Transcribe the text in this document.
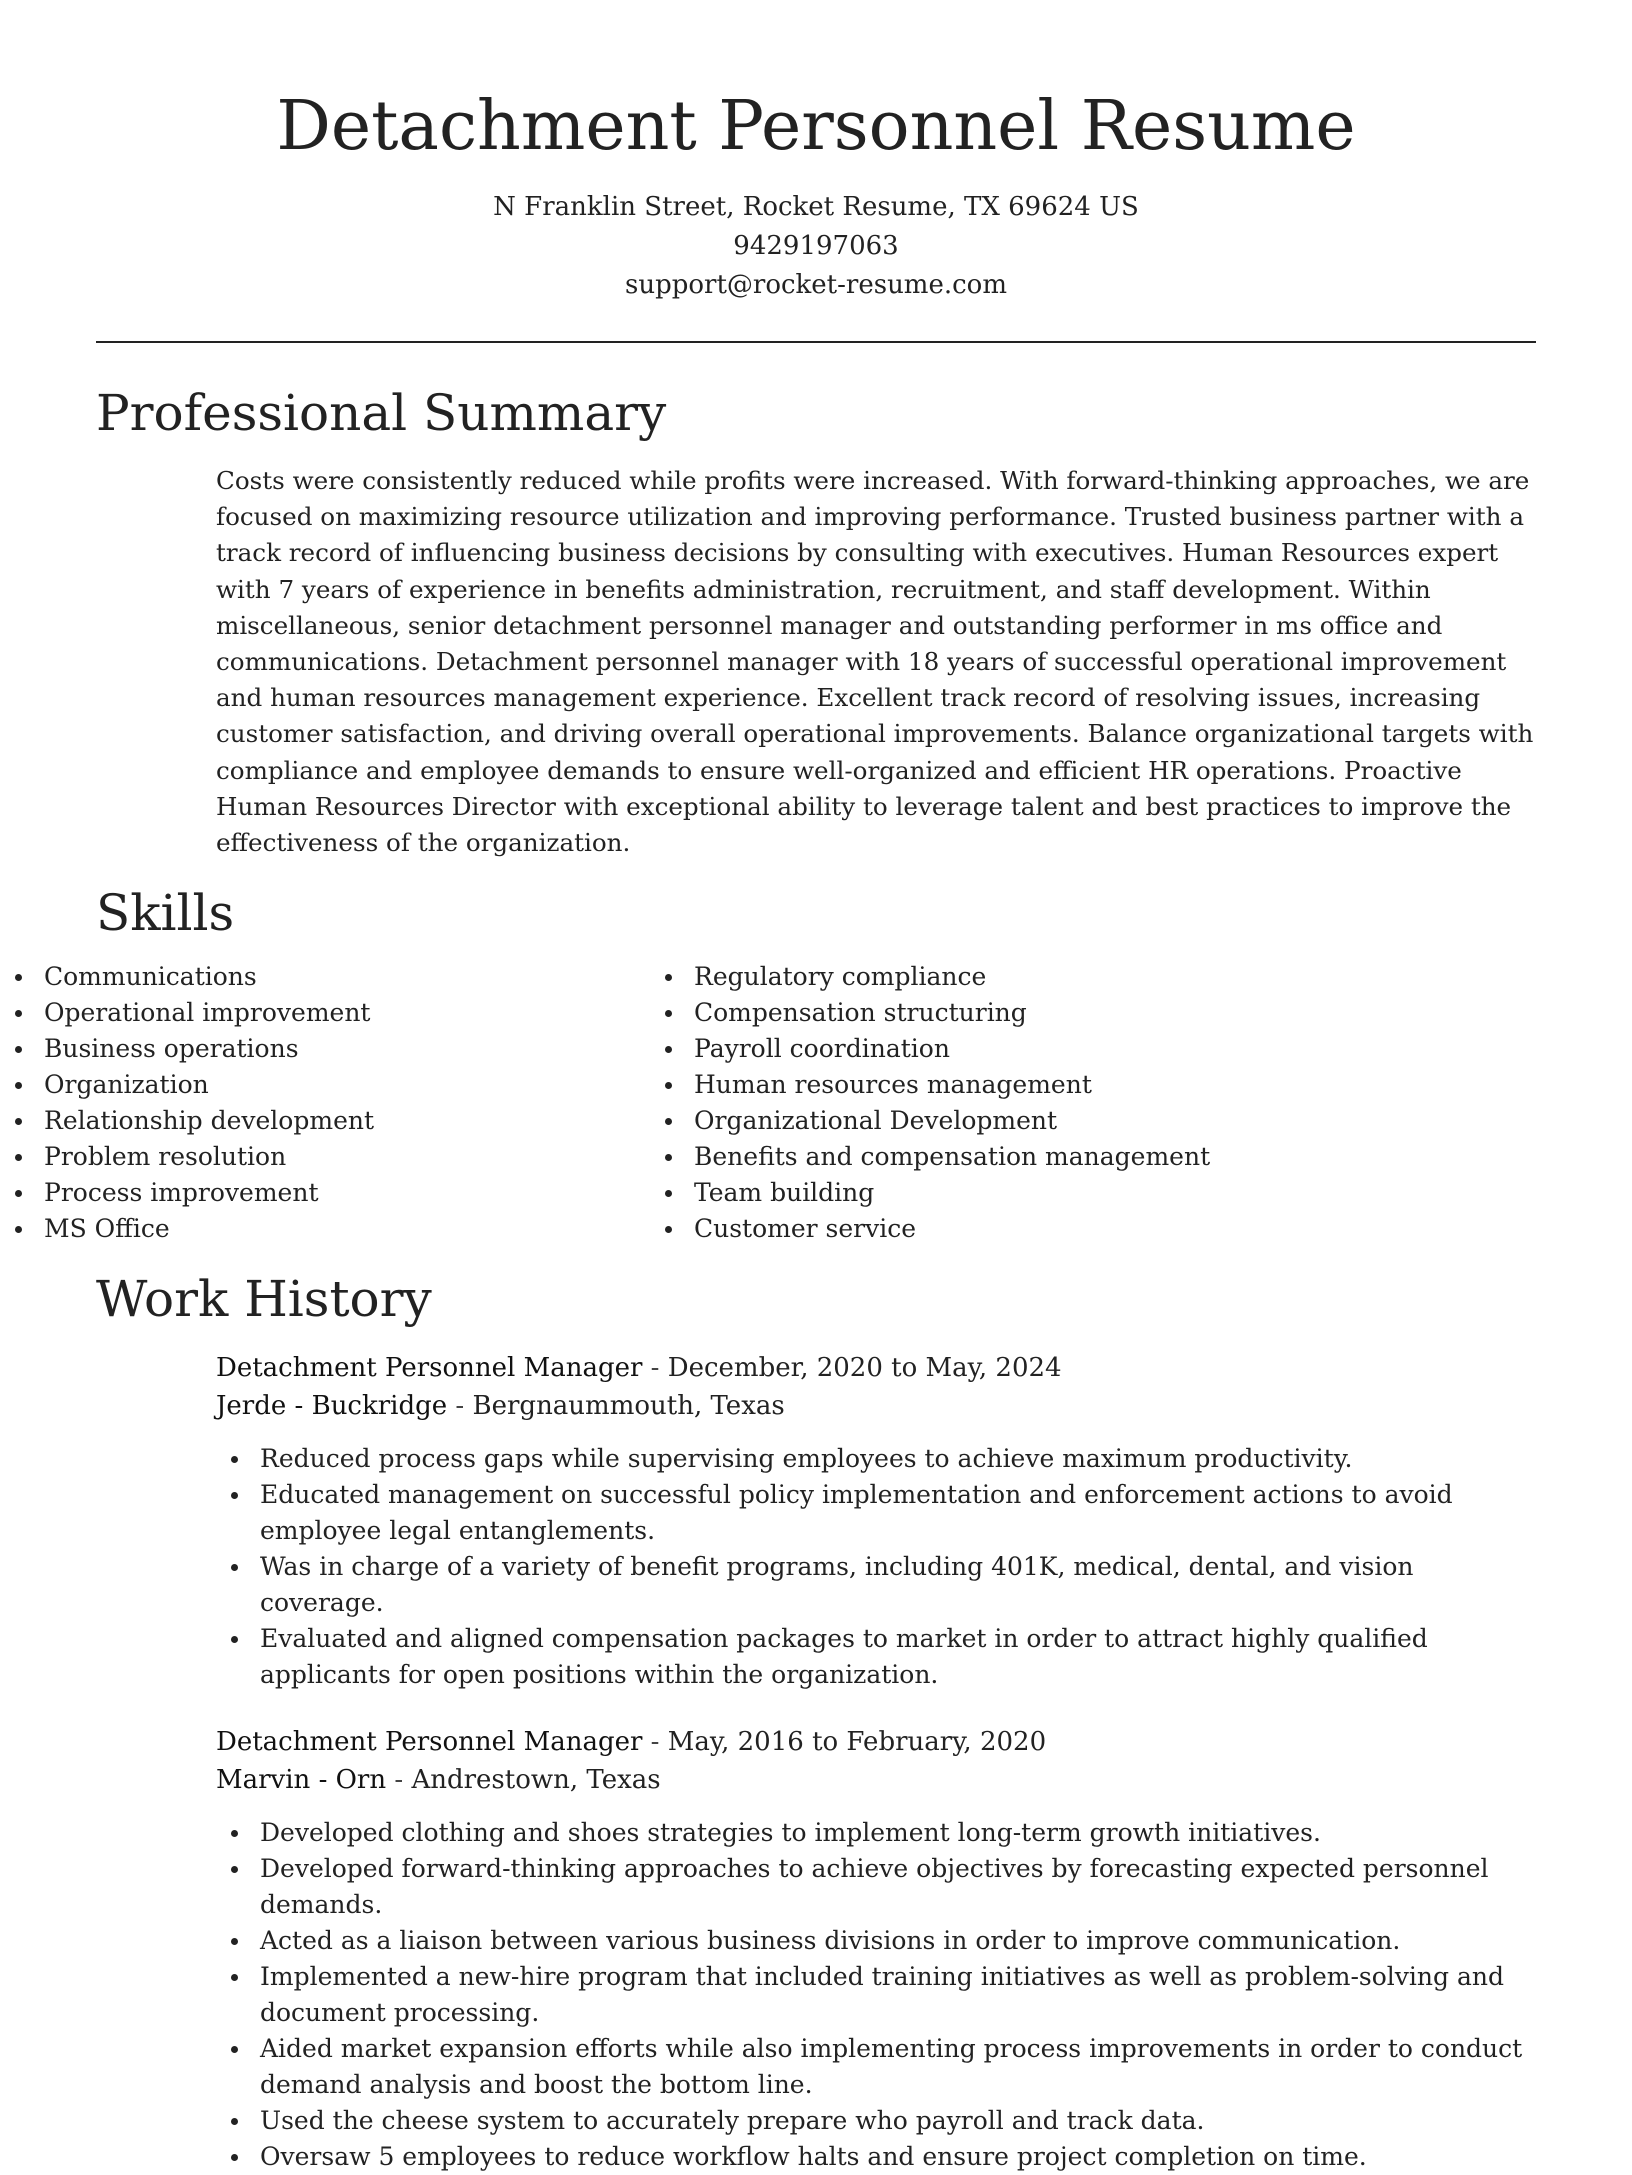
Detachment Personnel Resume
N Franklin Street, Rocket Resume, TX 69624 US
9429197063
support@rocket-resume.com
Professional Summary

Costs were consistently reduced while profits were increased. With forward-thinking approaches, we are focused on maximizing resource utilization and improving performance. Trusted business partner with a track record of influencing business decisions by consulting with executives. Human Resources expert with 7 years of experience in benefits administration, recruitment, and staff development. Within miscellaneous, senior detachment personnel manager and outstanding performer in ms office and communications. Detachment personnel manager with 18 years of successful operational improvement and human resources management experience. Excellent track record of resolving issues, increasing customer satisfaction, and driving overall operational improvements. Balance organizational targets with compliance and employee demands to ensure well-organized and efficient HR operations. Proactive Human Resources Director with exceptional ability to leverage talent and best practices to improve the effectiveness of the organization.

Skills
Communications
Operational improvement
Business operations
Organization
Relationship development
Problem resolution
Process improvement
MS Office
Regulatory compliance
Compensation structuring
Payroll coordination
Human resources management
Organizational Development
Benefits and compensation management
Team building
Customer service
Work History
Detachment Personnel Manager - December, 2020 to May, 2024
Jerde - Buckridge - Bergnaummouth, Texas
Reduced process gaps while supervising employees to achieve maximum productivity.
Educated management on successful policy implementation and enforcement actions to avoid employee legal entanglements.
Was in charge of a variety of benefit programs, including 401K, medical, dental, and vision coverage.
Evaluated and aligned compensation packages to market in order to attract highly qualified applicants for open positions within the organization.
Detachment Personnel Manager - May, 2016 to February, 2020
Marvin - Orn - Andrestown, Texas
Developed clothing and shoes strategies to implement long-term growth initiatives.
Developed forward-thinking approaches to achieve objectives by forecasting expected personnel demands.
Acted as a liaison between various business divisions in order to improve communication.
Implemented a new-hire program that included training initiatives as well as problem-solving and document processing.
Aided market expansion efforts while also implementing process improvements in order to conduct demand analysis and boost the bottom line.
Used the cheese system to accurately prepare who payroll and track data.
Oversaw 5 employees to reduce workflow halts and ensure project completion on time.
